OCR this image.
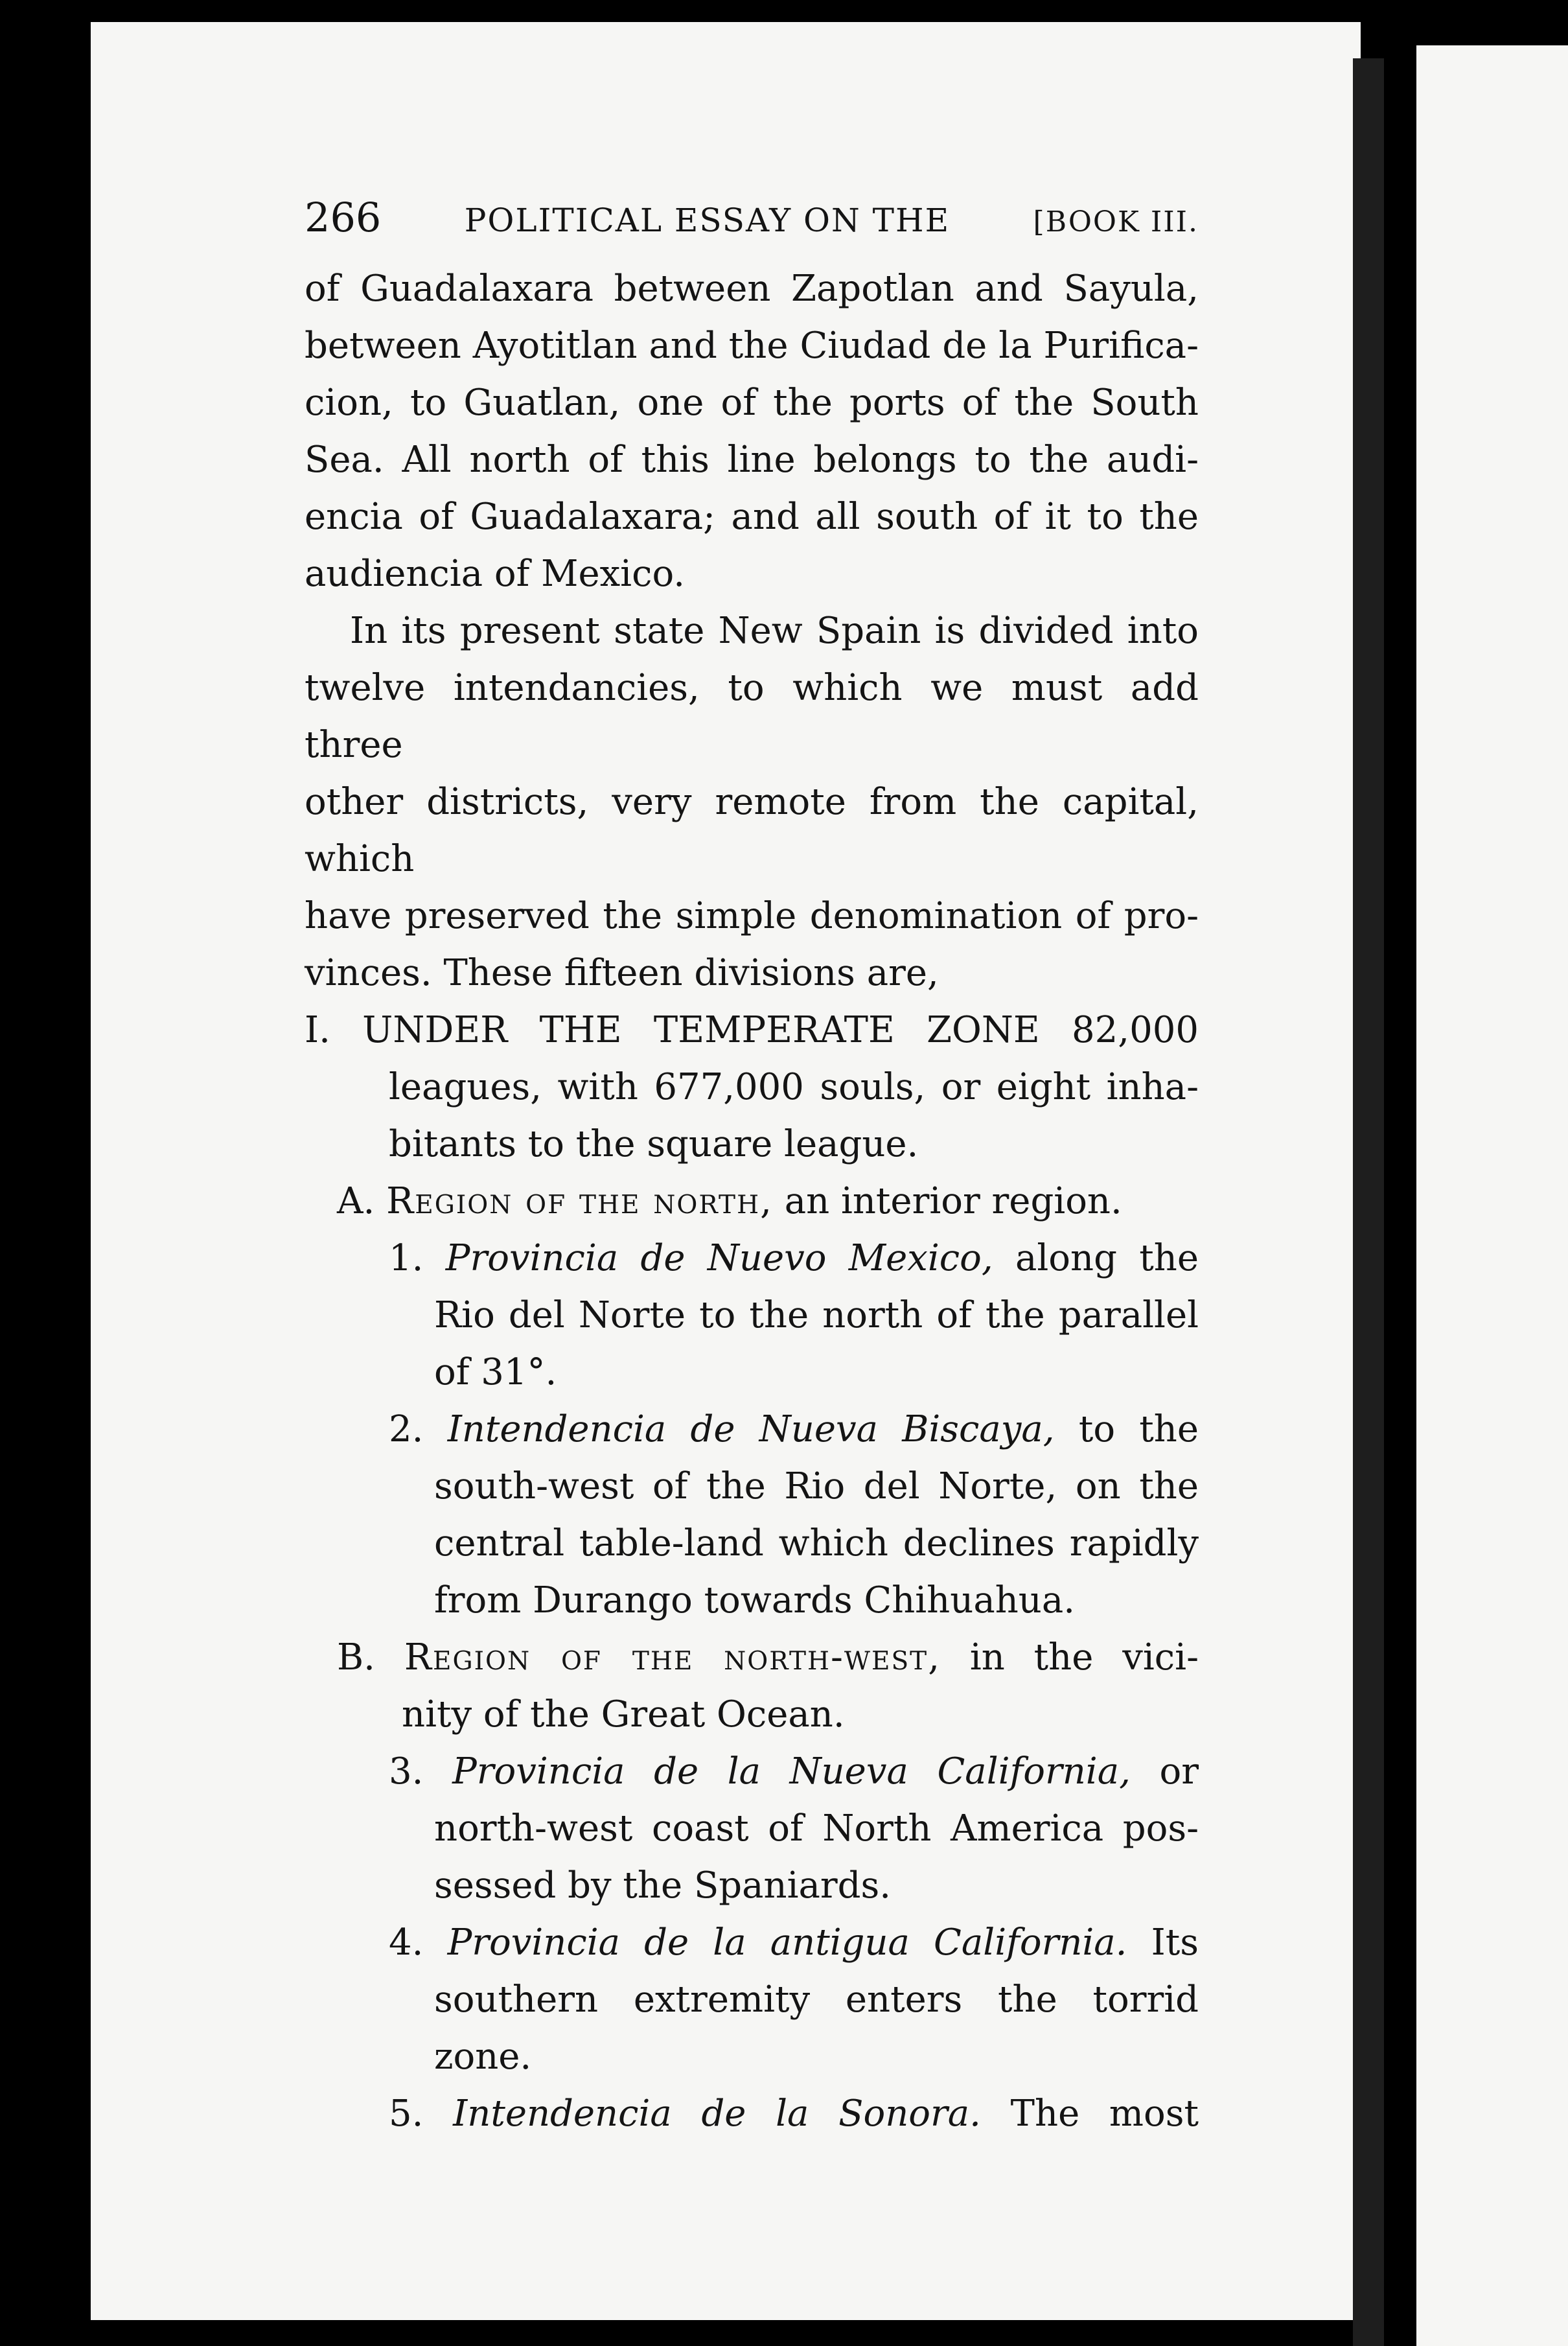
266	POLITICAL ESSAY ON THE	[BOOK III.
of Guadalaxara between Zapotlan and Sayula,
between Ayotitlan and the Ciudad de la Purifica-
cion, to Guatlan, one of the ports of the South
Sea. All north of this line belongs to the audi-
encia of Guadalaxara; and all south of it to the
audiencia of Mexico.
In its present state New Spain is divided into
twelve intendancies, to which we must add three
other districts, very remote from the capital, which
have preserved the simple denomination of pro-
vinces. These fifteen divisions are,
I. UNDER THE TEMPERATE ZONE 82,000
leagues, with 677,000 souls, or eight inha-
bitants to the square league.
A. Region of the north, an interior region.
1. Provincia de Nuevo Mexico, along the
Rio del Norte to the north of the parallel
of 31°.
2. Intendencia de Nueva Biscaya, to the
south-west of the Rio del Norte, on the
central table-land which declines rapidly
from Durango towards Chihuahua.
B. Region of the north-west, in the vici-
nity of the Great Ocean.
3. Provincia de la Nueva California, or
north-west coast of North America pos-
sessed by the Spaniards.
4. Provincia de la antigua California. Its
southern extremity enters the torrid zone.
5. Intendencia de la Sonora. The most
